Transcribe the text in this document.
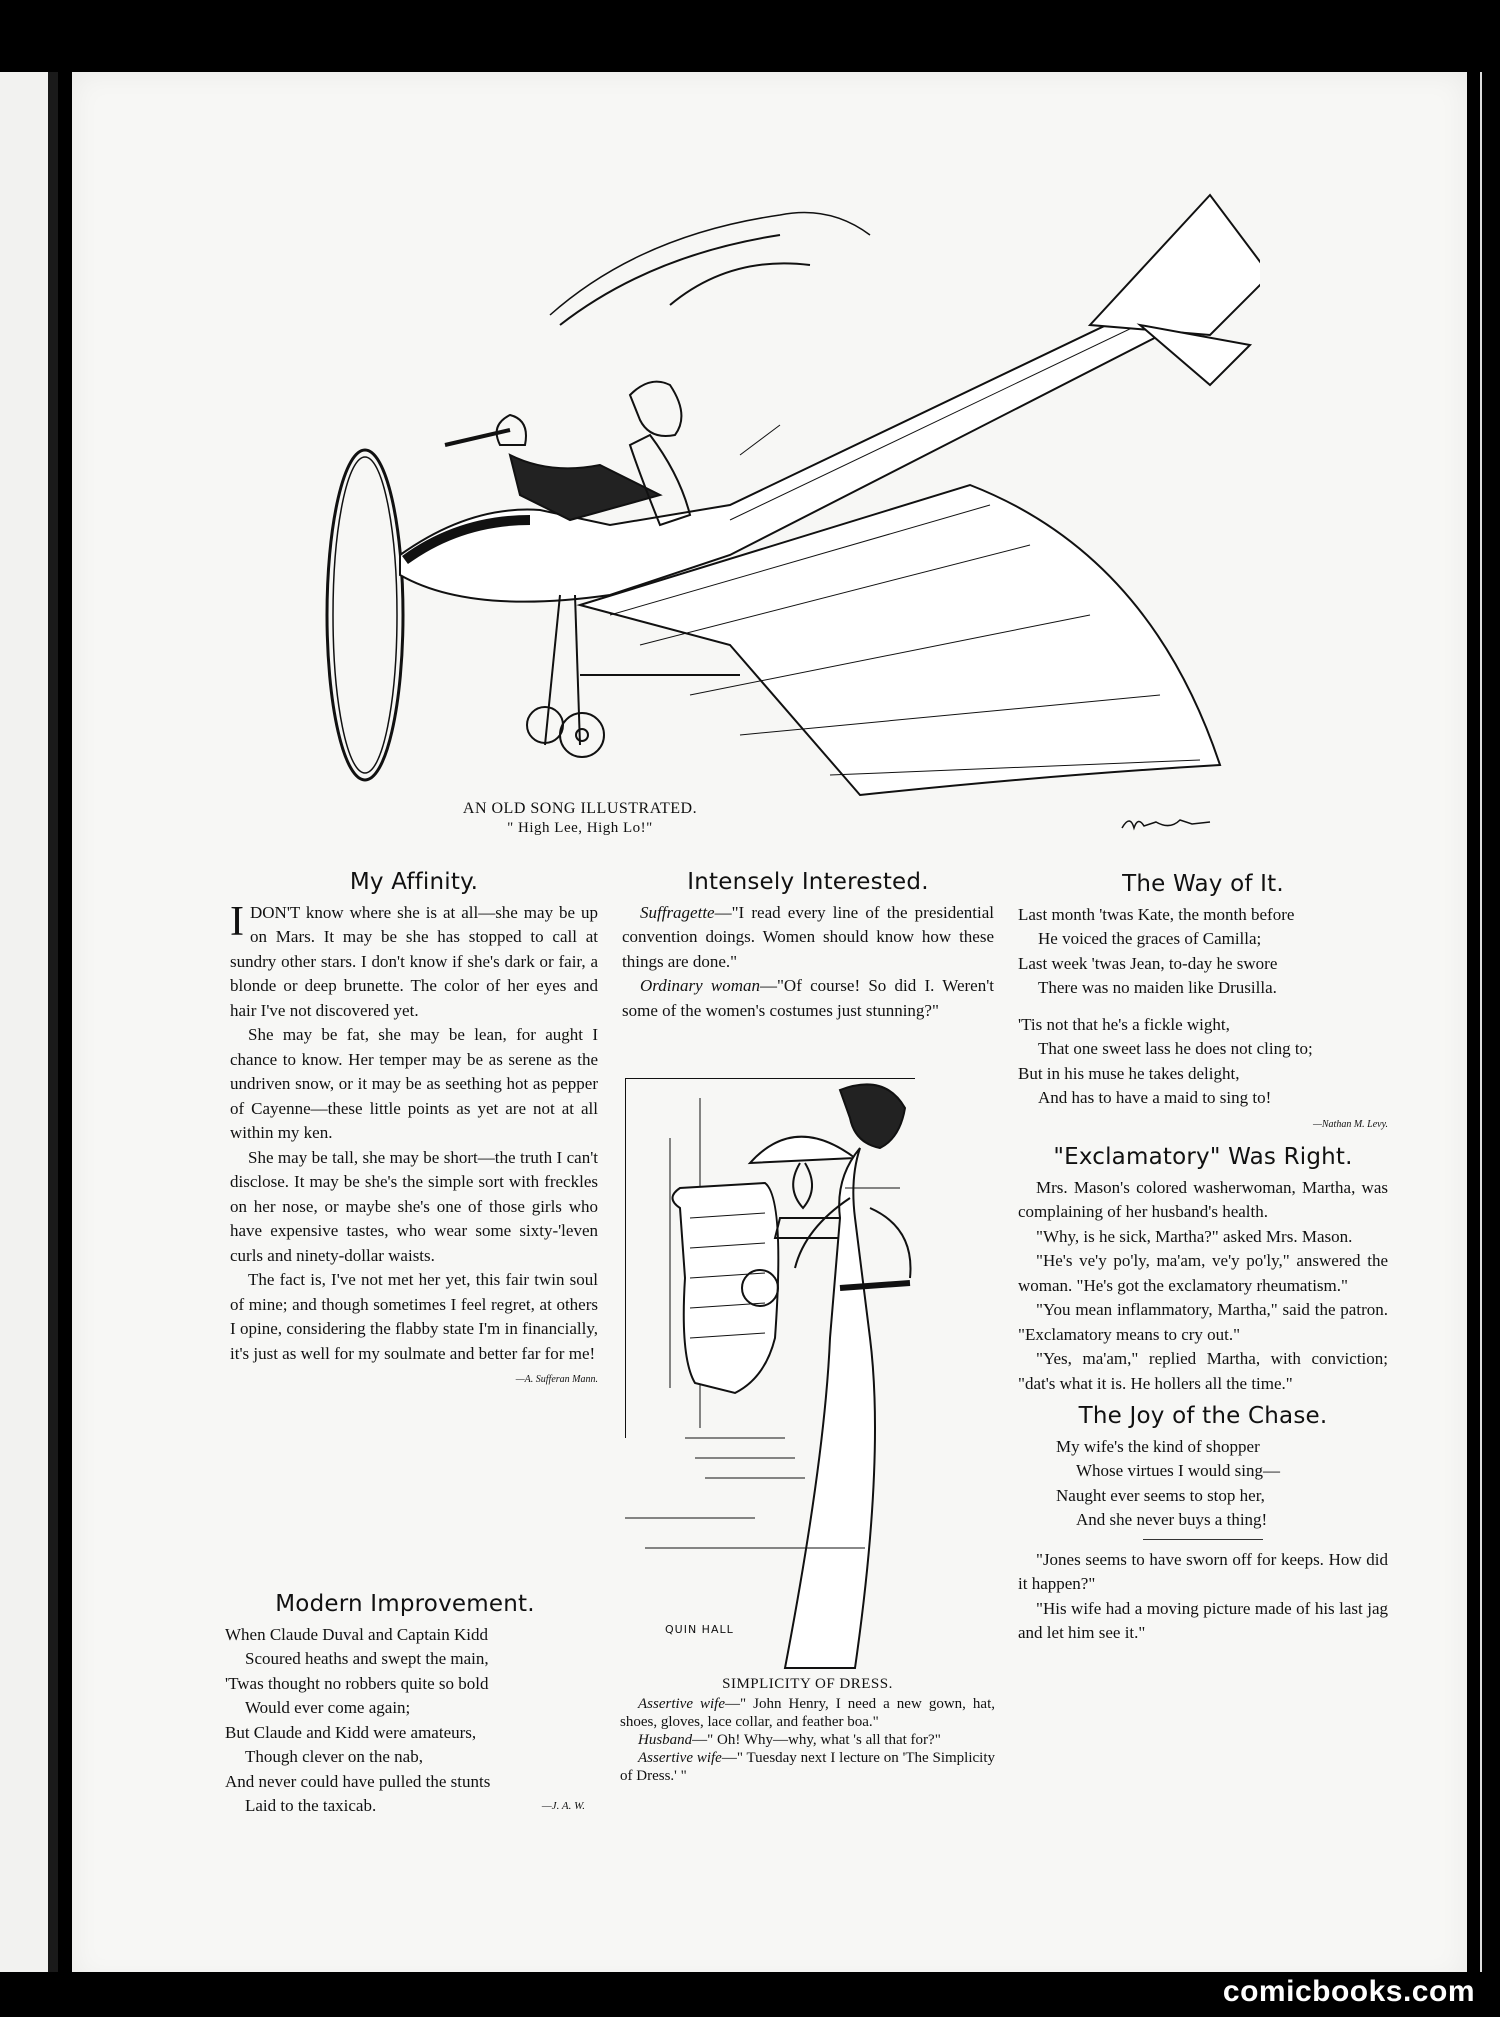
comicbooks.com
AN OLD SONG ILLUSTRATED.
" High Lee, High Lo!"
My Affinity.

IDON'T know where she is at all—she may be up on Mars. It may be she has stopped to call at sundry other stars. I don't know if she's dark or fair, a blonde or deep brunette. The color of her eyes and hair I've not discovered yet.

She may be fat, she may be lean, for aught I chance to know. Her temper may be as serene as the undriven snow, or it may be as seething hot as pepper of Cayenne—these little points as yet are not at all within my ken.

She may be tall, she may be short—the truth I can't disclose. It may be she's the simple sort with freckles on her nose, or maybe she's one of those girls who have expensive tastes, who wear some sixty-'leven curls and ninety-dollar waists.

The fact is, I've not met her yet, this fair twin soul of mine; and though sometimes I feel regret, at others I opine, considering the flabby state I'm in financially, it's just as well for my soulmate and better far for me!

—A. Sufferan Mann.
Modern Improvement.

When Claude Duval and Captain Kidd

Scoured heaths and swept the main,

'Twas thought no robbers quite so bold

Would ever come again;

But Claude and Kidd were amateurs,

Though clever on the nab,

And never could have pulled the stunts

Laid to the taxicab.	—J. A. W.

Intensely Interested.

Suffragette—"I read every line of the presidential convention doings. Women should know how these things are done."

Ordinary woman—"Of course! So did I. Weren't some of the women's costumes just stunning?"

QUIN HALL
SIMPLICITY OF DRESS.

Assertive wife—" John Henry, I need a new gown, hat, shoes, gloves, lace collar, and feather boa."

Husband—" Oh! Why—why, what 's all that for?"

Assertive wife—" Tuesday next I lecture on 'The Simplicity of Dress.' "

The Way of It.

Last month 'twas Kate, the month before

He voiced the graces of Camilla;

Last week 'twas Jean, to-day he swore

There was no maiden like Drusilla.

'Tis not that he's a fickle wight,

That one sweet lass he does not cling to;

But in his muse he takes delight,

And has to have a maid to sing to!

—Nathan M. Levy.
"Exclamatory" Was Right.

Mrs. Mason's colored washerwoman, Martha, was complaining of her husband's health.

"Why, is he sick, Martha?" asked Mrs. Mason.

"He's ve'y po'ly, ma'am, ve'y po'ly," answered the woman. "He's got the exclamatory rheumatism."

"You mean inflammatory, Martha," said the patron. "Exclamatory means to cry out."

"Yes, ma'am," replied Martha, with conviction; "dat's what it is. He hollers all the time."

The Joy of the Chase.

My wife's the kind of shopper

Whose virtues I would sing—

Naught ever seems to stop her,

And she never buys a thing!

"Jones seems to have sworn off for keeps. How did it happen?"

"His wife had a moving picture made of his last jag and let him see it."
